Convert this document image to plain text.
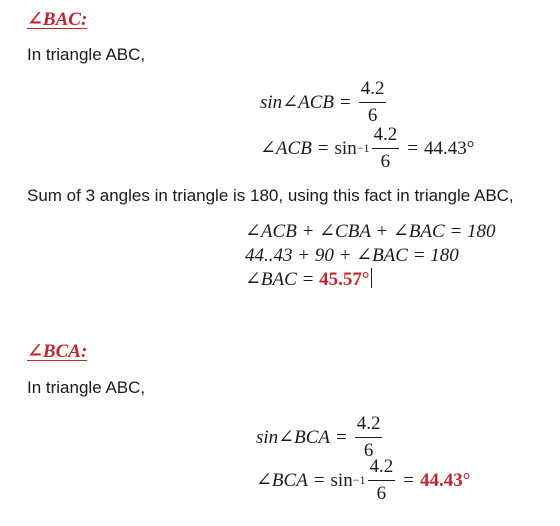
∠BAC:
In triangle ABC,
sin∠ACB = $\frac{4.2}{6}$
∠ACB = $\sin -1 \frac{4.2}{6} = 44.43^\circ$
Sum of 3 angles in triangle is 180, using this fact in triangle ABC,
∠ACB + ∠CBA + ∠BAC = 180
44..43 + 90 + ∠BAC = 180
∠BAC = 45.57°
∠BCA:
In triangle ABC,
sin∠BCA = $\frac{4.2}{6}$
∠BCA = $\sin -1 \frac{4.2}{6} = 44.43^\circ$
